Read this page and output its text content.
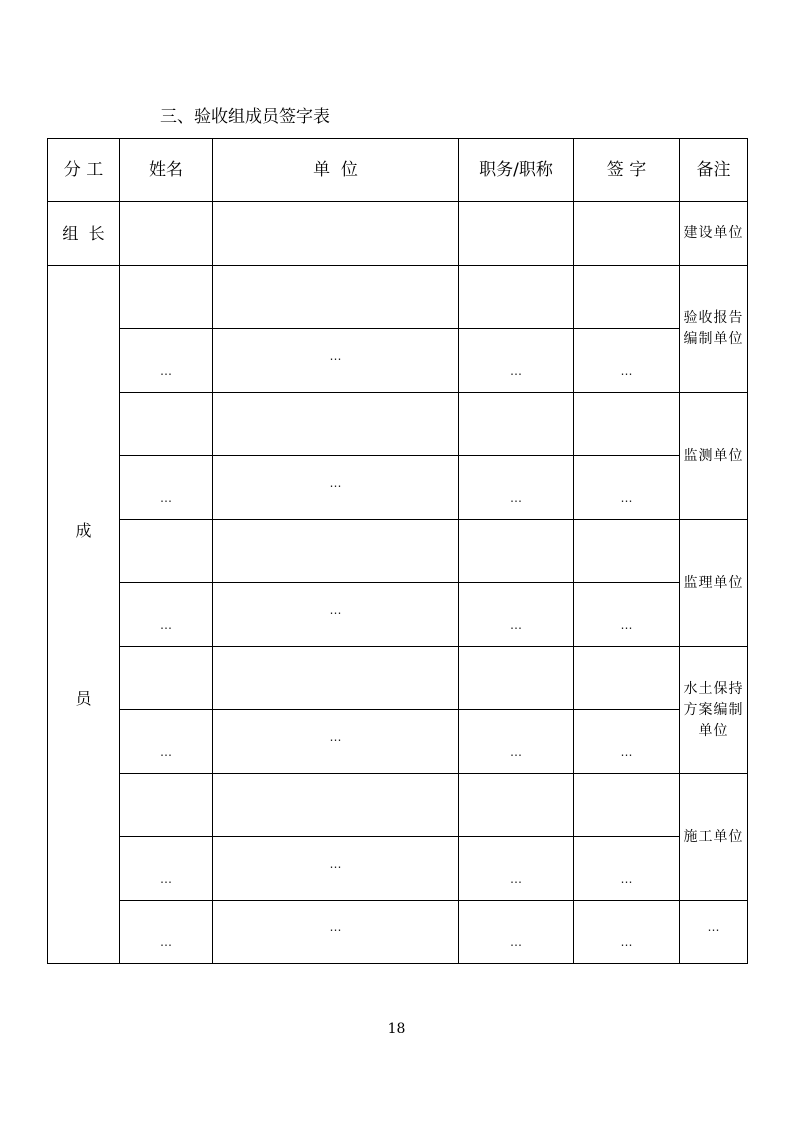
三、验收组成员签字表
分 工	姓名	单  位	职务/职称	签 字	备注
组  长					建设单位

成
员					验收报告
编制单位
	…	…	…	…	
					监测单位
	…	…	…	…	
					监理单位
	…	…	…	…	
					水土保持
方案编制
单位
	…	…	…	…	
					施工单位
	…	…	…	…	
	…	…	…	…	…
18
